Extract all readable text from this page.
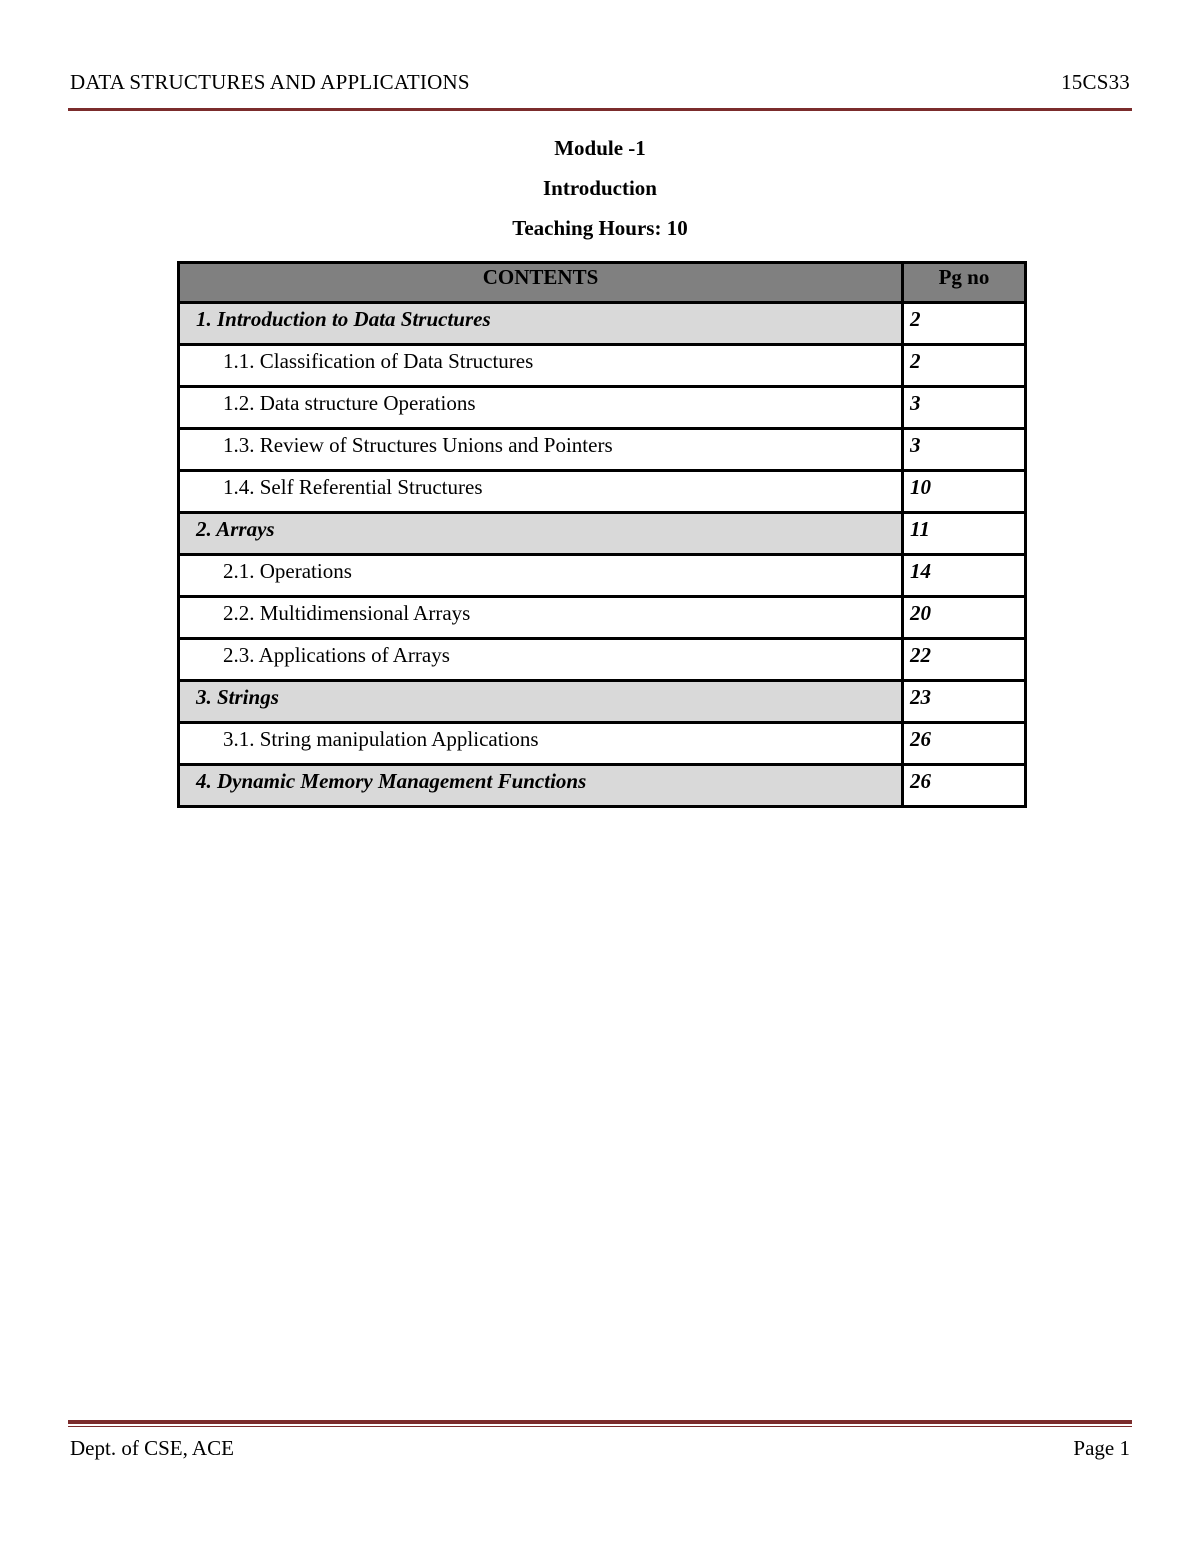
DATA STRUCTURES AND APPLICATIONS	15CS33
Module -1
Introduction
Teaching Hours: 10
CONTENTS	Pg no
1. Introduction to Data Structures	2
1.1. Classification of Data Structures	2
1.2. Data structure Operations	3
1.3. Review of Structures Unions and Pointers	3
1.4. Self Referential Structures	10
2. Arrays	11
2.1. Operations	14
2.2. Multidimensional Arrays	20
2.3. Applications of Arrays	22
3. Strings	23
3.1. String manipulation Applications	26
4. Dynamic Memory Management Functions	26
Dept. of CSE, ACE	Page 1
